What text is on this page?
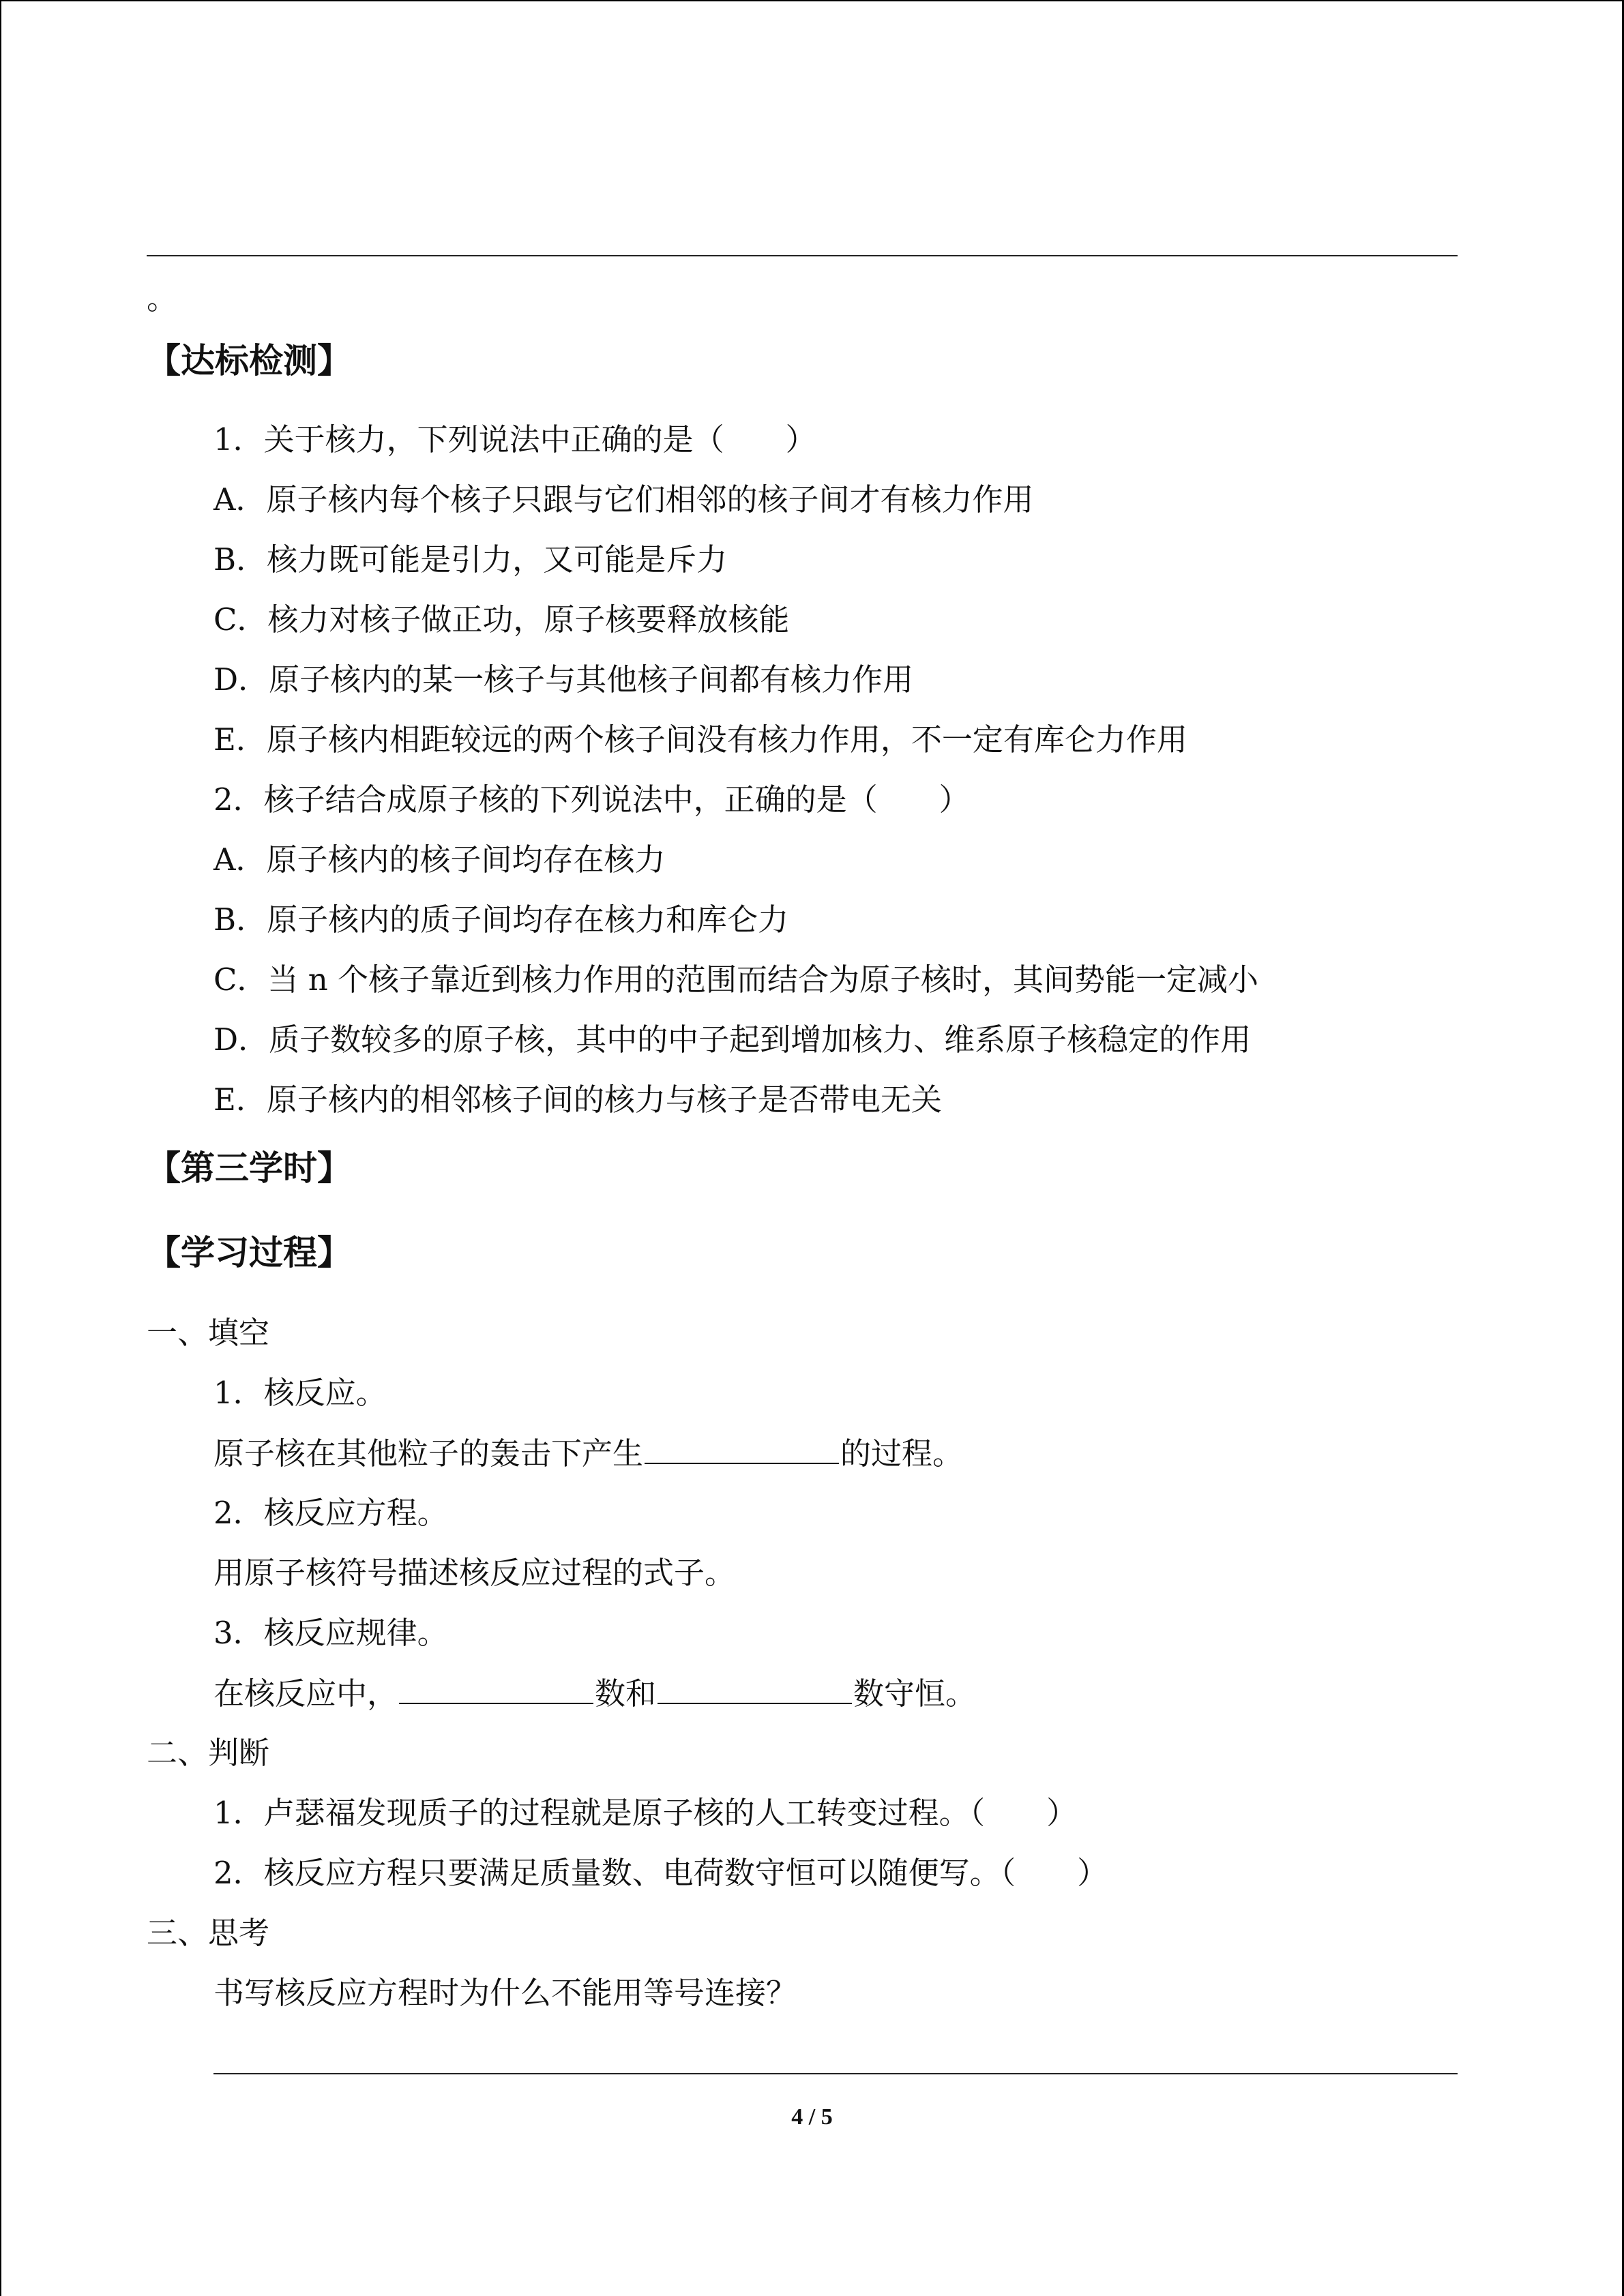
。
【达标检测】
1．关于核力，下列说法中正确的是（　　）
A．原子核内每个核子只跟与它们相邻的核子间才有核力作用
B．核力既可能是引力，又可能是斥力
C．核力对核子做正功，原子核要释放核能
D．原子核内的某一核子与其他核子间都有核力作用
E．原子核内相距较远的两个核子间没有核力作用，不一定有库仑力作用
2．核子结合成原子核的下列说法中，正确的是（　　）
A．原子核内的核子间均存在核力
B．原子核内的质子间均存在核力和库仑力
C．当 n 个核子靠近到核力作用的范围而结合为原子核时，其间势能一定减小
D．质子数较多的原子核，其中的中子起到增加核力、维系原子核稳定的作用
E．原子核内的相邻核子间的核力与核子是否带电无关
【第三学时】
【学习过程】
一、填空
1．核反应。
原子核在其他粒子的轰击下产生	的过程。
2．核反应方程。
用原子核符号描述核反应过程的式子。
3．核反应规律。
在核反应中，	数和	数守恒。
二、判断
1．卢瑟福发现质子的过程就是原子核的人工转变过程。（　　）
2．核反应方程只要满足质量数、电荷数守恒可以随便写。（　　）
三、思考
书写核反应方程时为什么不能用等号连接？
4 / 5
